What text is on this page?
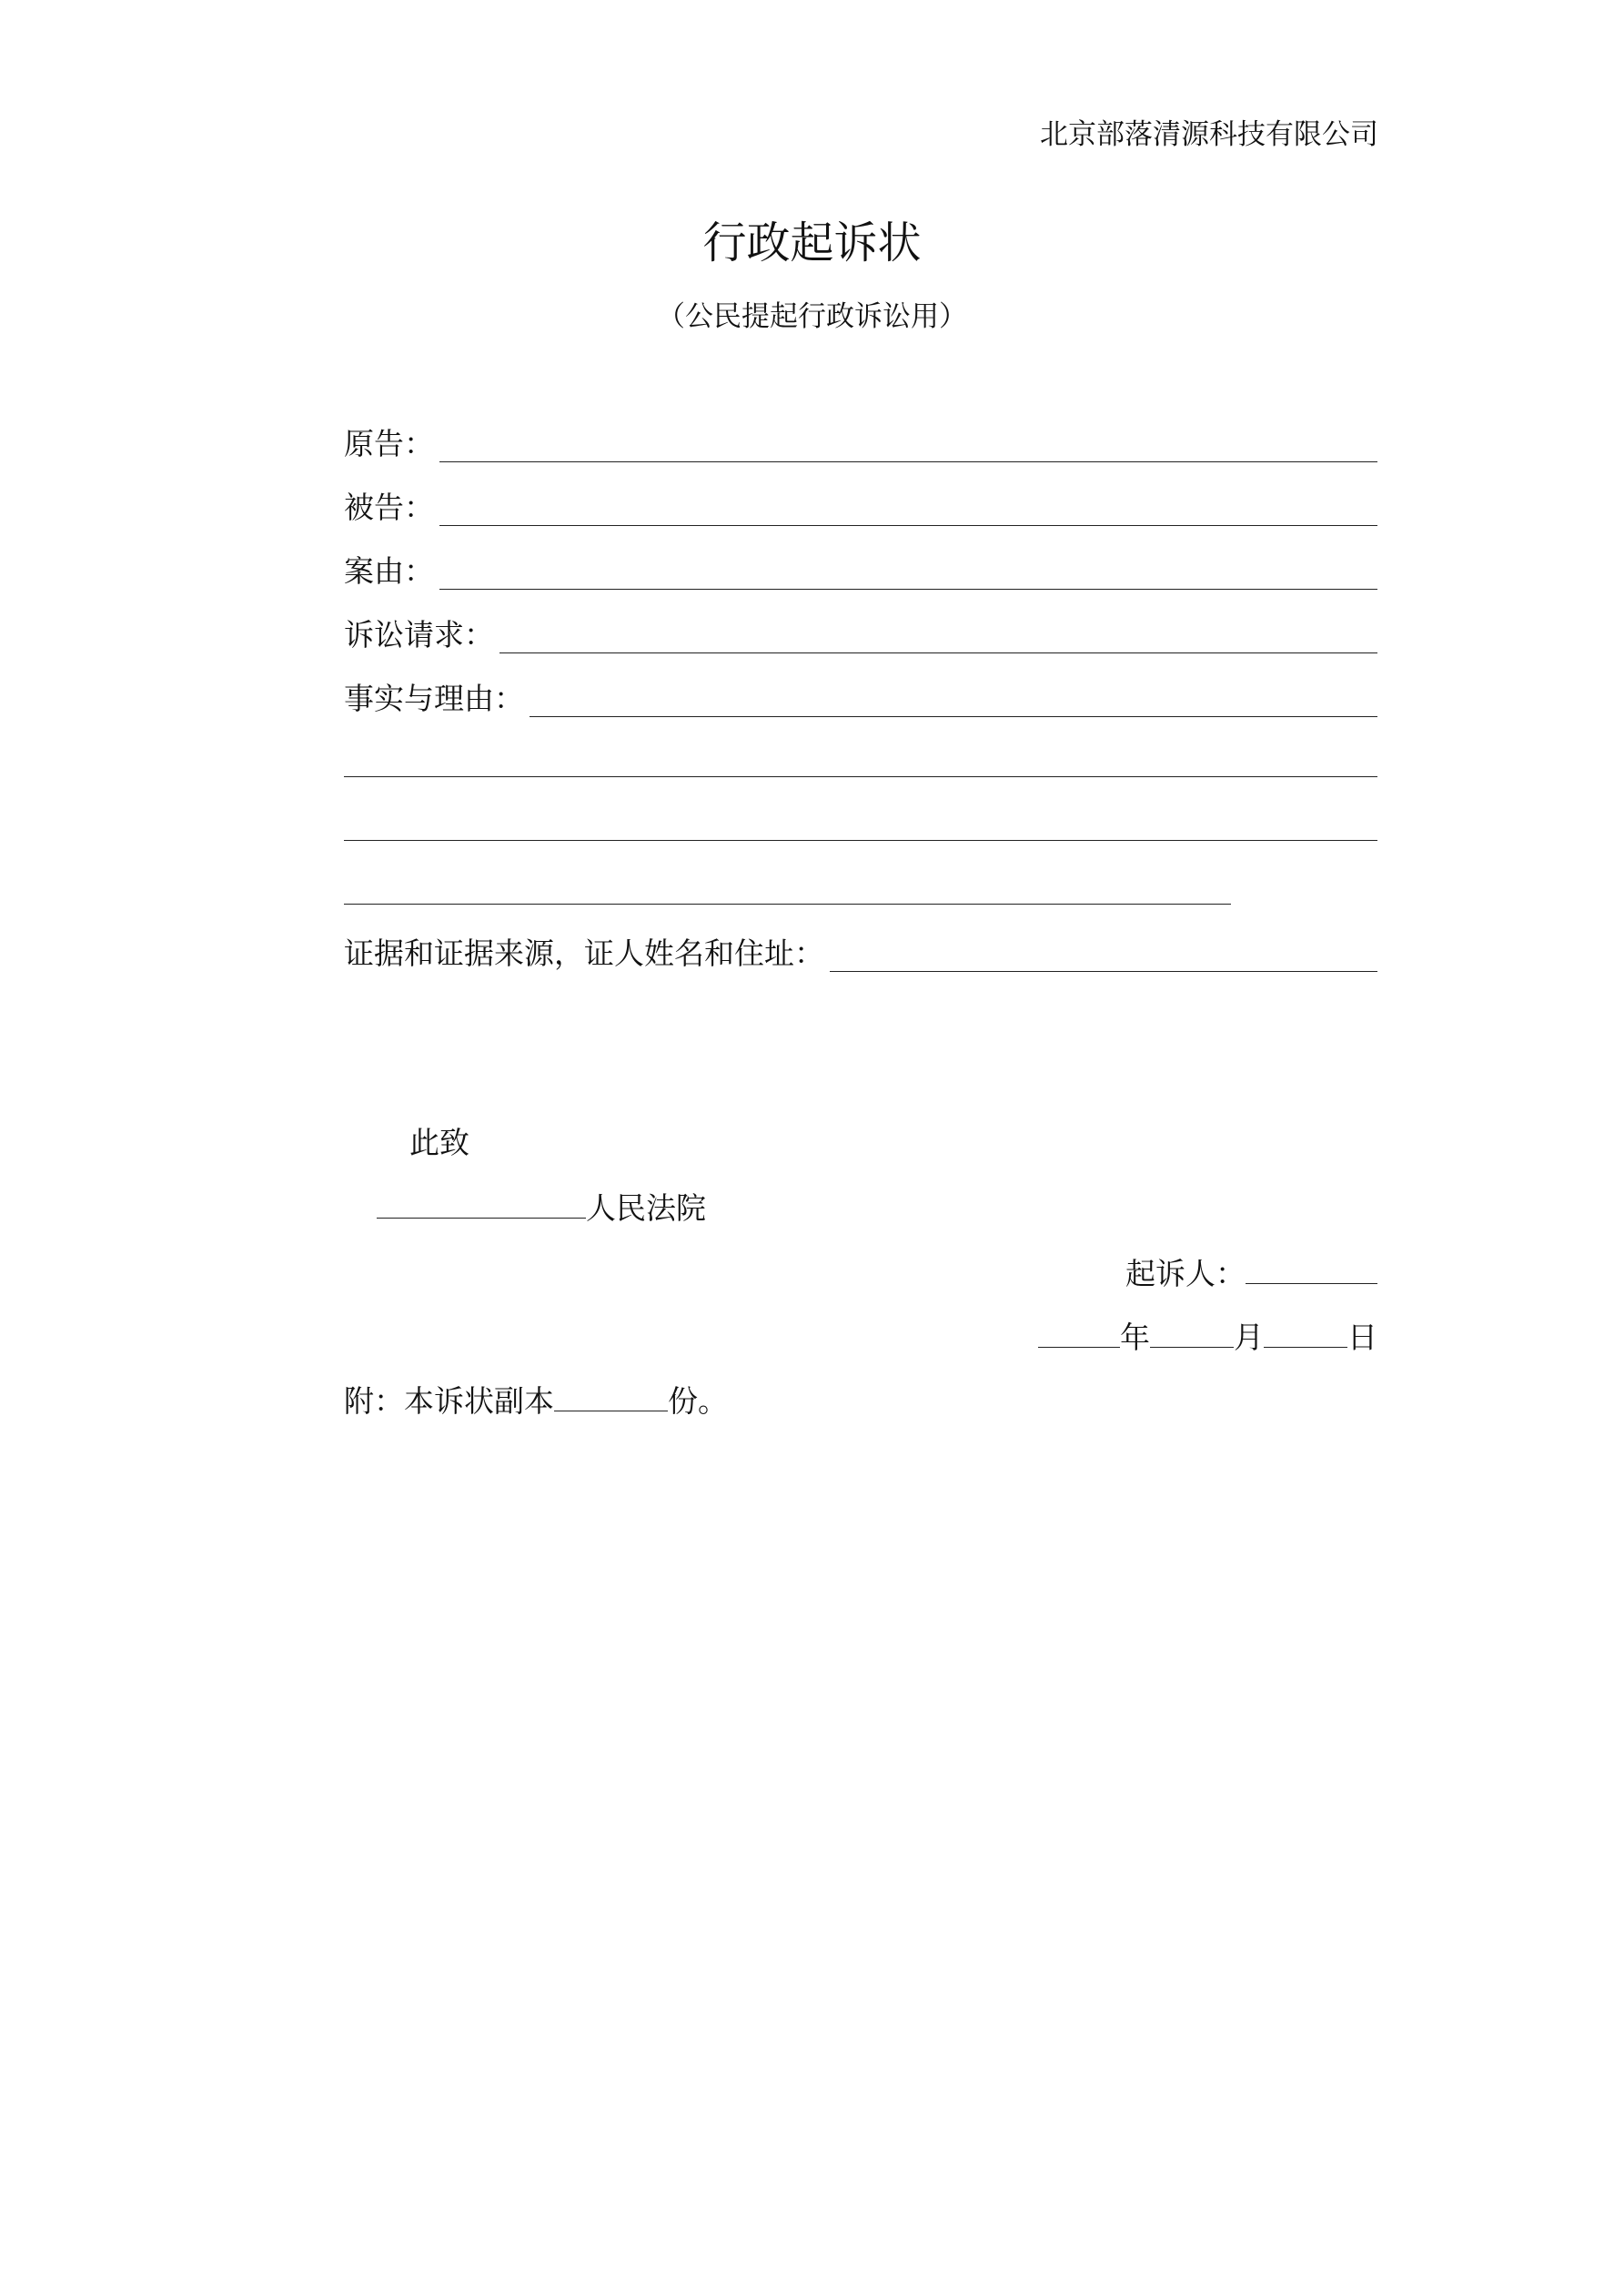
北京部落清源科技有限公司
行政起诉状
（公民提起行政诉讼用）
原告：
被告：
案由：
诉讼请求：
事实与理由：
证据和证据来源，证人姓名和住址：
此致
人民法院
起诉人：
年	月	日
附：本诉状副本	份。
